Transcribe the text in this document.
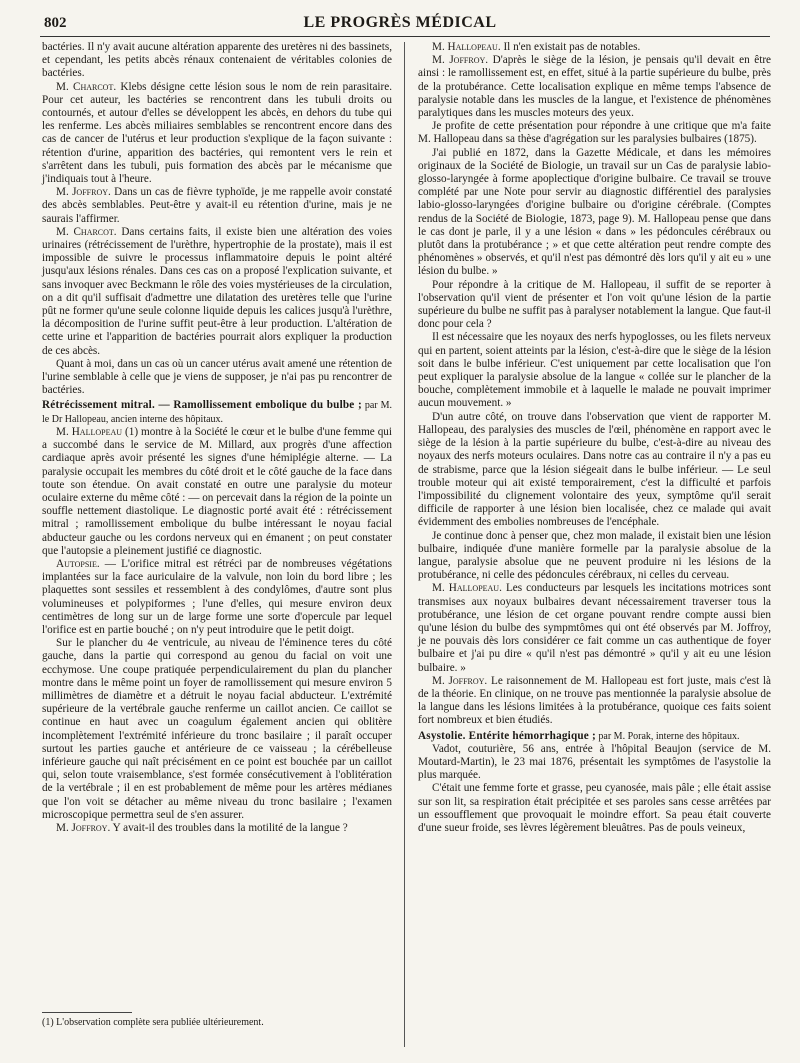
802	LE PROGRÈS MÉDICAL

bactéries. Il n'y avait aucune altération apparente des uretères ni des bassinets, et cependant, les petits abcès rénaux contenaient de véritables colonies de bactéries.

M. Charcot. Klebs désigne cette lésion sous le nom de rein parasitaire. Pour cet auteur, les bactéries se rencontrent dans les tubuli droits ou contournés, et autour d'elles se développent les abcès, en dehors du tube qui les renferme. Les abcès miliaires semblables se rencontrent encore dans des cas de cancer de l'utérus et leur production s'explique de la façon suivante : rétention d'urine, apparition des bactéries, qui remontent vers le rein et s'arrêtent dans les tubuli, puis formation des abcès par le mécanisme que j'indiquais tout à l'heure.

M. Joffroy. Dans un cas de fièvre typhoïde, je me rappelle avoir constaté des abcès semblables. Peut-être y avait-il eu rétention d'urine, mais je ne saurais l'affirmer.

M. Charcot. Dans certains faits, il existe bien une altération des voies urinaires (rétrécissement de l'urèthre, hypertrophie de la prostate), mais il est impossible de suivre le processus inflammatoire depuis le point altéré jusqu'aux lésions rénales. Dans ces cas on a proposé l'explication suivante, et sans invoquer avec Beckmann le rôle des voies mystérieuses de la circulation, on a dit qu'il suffisait d'admettre une dilatation des uretères telle que l'urine pût ne former qu'une seule colonne liquide depuis les calices jusqu'à l'urèthre, la décomposition de l'urine suffit peut-être à leur production. L'altération de cette urine et l'apparition de bactéries pourrait alors expliquer la production de ces abcès.

Quant à moi, dans un cas où un cancer utérus avait amené une rétention de l'urine semblable à celle que je viens de supposer, je n'ai pas pu rencontrer de bactéries.

Rétrécissement mitral. — Ramollissement embolique du bulbe ; par M. le Dr Hallopeau, ancien interne des hôpitaux.

M. Hallopeau (1) montre à la Société le cœur et le bulbe d'une femme qui a succombé dans le service de M. Millard, aux progrès d'une affection cardiaque après avoir présenté les signes d'une hémiplégie alterne. — La paralysie occupait les membres du côté droit et le côté gauche de la face dans toute son étendue. On avait constaté en outre une paralysie du moteur oculaire externe du même côté : — on percevait dans la région de la pointe un souffle nettement diastolique. Le diagnostic porté avait été : rétrécissement mitral ; ramollissement embolique du bulbe intéressant le noyau facial abducteur gauche ou les cordons nerveux qui en émanent ; on peut constater que l'autopsie a pleinement justifié ce diagnostic.

Autopsie. — L'orifice mitral est rétréci par de nombreuses végétations implantées sur la face auriculaire de la valvule, non loin du bord libre ; les plaquettes sont sessiles et ressemblent à des condylômes, d'autre sont plus volumineuses et polypiformes ; l'une d'elles, qui mesure environ deux centimètres de long sur un de large forme une sorte d'opercule par lequel l'orifice est en partie bouché ; on n'y peut introduire que le petit doigt.

Sur le plancher du 4e ventricule, au niveau de l'éminence teres du côté gauche, dans la partie qui correspond au genou du facial on voit une ecchymose. Une coupe pratiquée perpendiculairement du plan du plancher montre dans le même point un foyer de ramollissement qui mesure environ 5 millimètres de diamètre et a détruit le noyau facial abducteur. L'extrémité supérieure de la vertébrale gauche renferme un caillot ancien. Ce caillot se continue en haut avec un coagulum également ancien qui oblitère incomplètement l'extrémité inférieure du tronc basilaire ; il paraît occuper surtout les parties gauche et antérieure de ce vaisseau ; la cérébelleuse inférieure gauche qui naît précisément en ce point est bouchée par un caillot qui, selon toute vraisemblance, s'est formée consécutivement à l'oblitération de la vertébrale ; il en est probablement de même pour les artères médianes que l'on voit se détacher au même niveau du tronc basilaire ; l'examen microscopique permettra seul de s'en assurer.

M. Joffroy. Y avait-il des troubles dans la motilité de la langue ?

M. Hallopeau. Il n'en existait pas de notables.

M. Joffroy. D'après le siège de la lésion, je pensais qu'il devait en être ainsi : le ramollissement est, en effet, situé à la partie supérieure du bulbe, près de la protubérance. Cette localisation explique en même temps l'absence de paralysie notable dans les muscles de la langue, et l'existence de phénomènes paralytiques dans les muscles moteurs des yeux.

Je profite de cette présentation pour répondre à une critique que m'a faite M. Hallopeau dans sa thèse d'agrégation sur les paralysies bulbaires (1875).

J'ai publié en 1872, dans la Gazette Médicale, et dans les mémoires originaux de la Société de Biologie, un travail sur un Cas de paralysie labio-glosso-laryngée à forme apoplectique d'origine bulbaire. Ce travail se trouve complété par une Note pour servir au diagnostic différentiel des paralysies labio-glosso-laryngées d'origine bulbaire ou d'origine cérébrale. (Comptes rendus de la Société de Biologie, 1873, page 9). M. Hallopeau pense que dans le cas dont je parle, il y a une lésion « dans » les pédoncules cérébraux ou plutôt dans la protubérance ; » et que cette altération peut rendre compte des phénomènes » observés, et qu'il n'est pas démontré dès lors qu'il y ait eu » une lésion du bulbe. »

Pour répondre à la critique de M. Hallopeau, il suffit de se reporter à l'observation qu'il vient de présenter et l'on voit qu'une lésion de la partie supérieure du bulbe ne suffit pas à paralyser notablement la langue. Que faut-il donc pour cela ?

Il est nécessaire que les noyaux des nerfs hypoglosses, ou les filets nerveux qui en partent, soient atteints par la lésion, c'est-à-dire que le siège de la lésion soit dans le bulbe inférieur. C'est uniquement par cette localisation que l'on peut expliquer la paralysie absolue de la langue « collée sur le plancher de la bouche, complètement immobile et à laquelle le malade ne pouvait imprimer aucun mouvement. »

D'un autre côté, on trouve dans l'observation que vient de rapporter M. Hallopeau, des paralysies des muscles de l'œil, phénomène en rapport avec le siège de la lésion à la partie supérieure du bulbe, c'est-à-dire au niveau des noyaux des nerfs moteurs oculaires. Dans notre cas au contraire il n'y a pas eu de strabisme, parce que la lésion siégeait dans le bulbe inférieur. — Le seul trouble moteur qui ait existé temporairement, c'est la difficulté et parfois l'impossibilité du clignement volontaire des yeux, symptôme qu'il serait difficile de rapporter à une lésion bien localisée, chez ce malade qui avait évidemment des embolies nombreuses de l'encéphale.

Je continue donc à penser que, chez mon malade, il existait bien une lésion bulbaire, indiquée d'une manière formelle par la paralysie absolue de la langue, paralysie absolue que ne peuvent produire ni les lésions de la protubérance, ni celle des pédoncules cérébraux, ni celles du cerveau.

M. Hallopeau. Les conducteurs par lesquels les incitations motrices sont transmises aux noyaux bulbaires devant nécessairement traverser tous la protubérance, une lésion de cet organe pouvant rendre compte aussi bien qu'une lésion du bulbe des sympmtômes qui ont été observés par M. Joffroy, je ne pouvais dès lors considérer ce fait comme un cas authentique de foyer bulbaire et j'ai pu dire « qu'il n'est pas démontré » qu'il y ait eu une lésion bulbaire. »

M. Joffroy. Le raisonnement de M. Hallopeau est fort juste, mais c'est là de la théorie. En clinique, on ne trouve pas mentionnée la paralysie absolue de la langue dans les lésions limitées à la protubérance, quoique ces faits soient fort nombreux et bien étudiés.

Asystolie. Entérite hémorrhagique ; par M. Porak, interne des hôpitaux.

Vadot, couturière, 56 ans, entrée à l'hôpital Beaujon (service de M. Moutard-Martin), le 23 mai 1876, présentait les symptômes de l'asystolie la plus marquée.

C'était une femme forte et grasse, peu cyanosée, mais pâle ; elle était assise sur son lit, sa respiration était précipitée et ses paroles sans cesse arrêtées par un essoufflement que provoquait le moindre effort. Sa peau était couverte d'une sueur froide, ses lèvres légèrement bleuâtres. Pas de pouls veineux,

(1) L'observation complète sera publiée ultérieurement.
